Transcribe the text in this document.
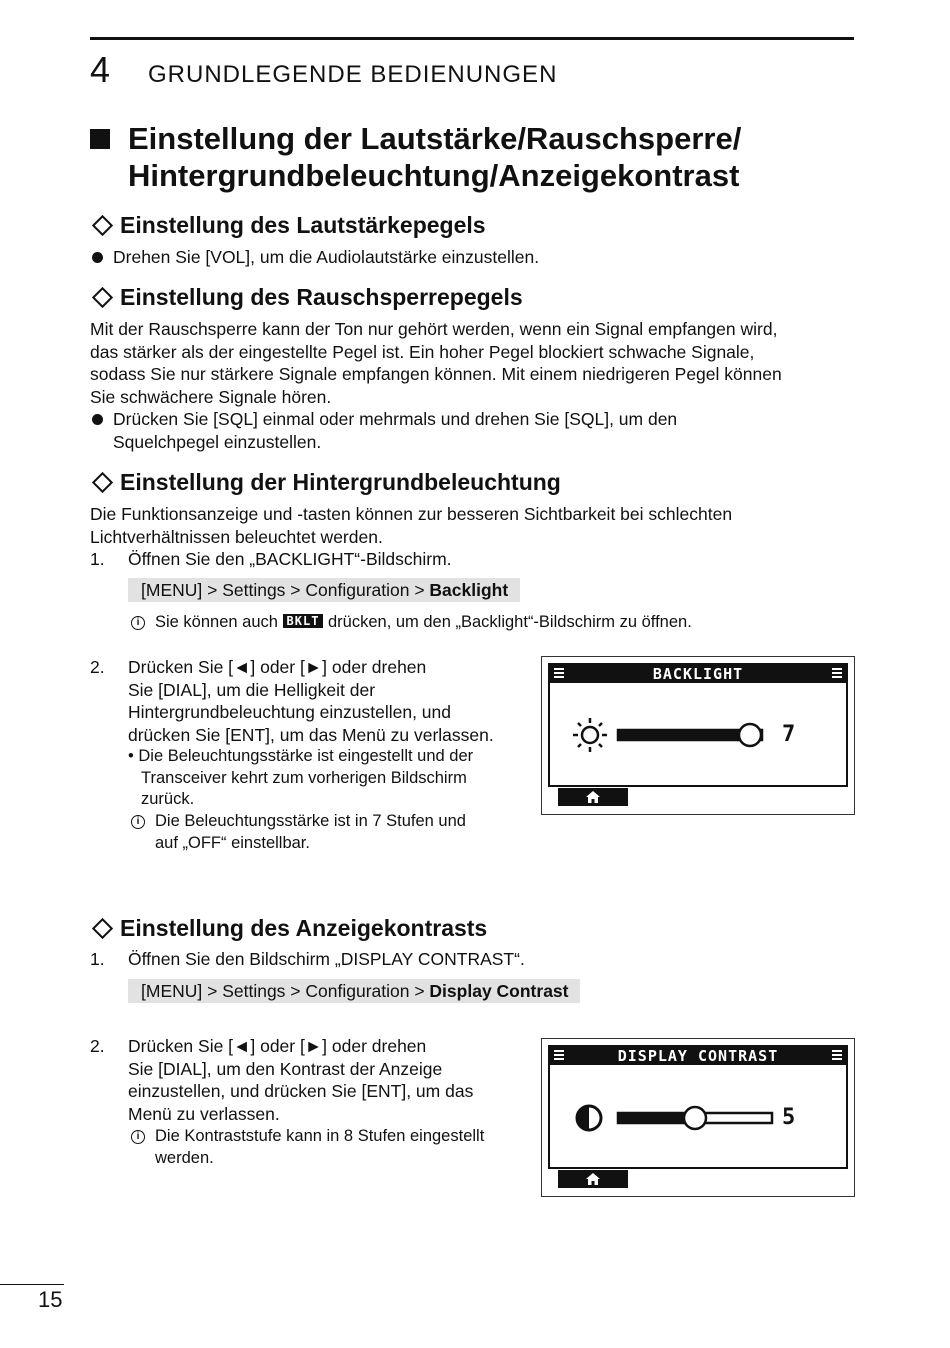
4 GRUNDLEGENDE BEDIENUNGEN
Einstellung der Lautstärke/Rauschsperre/
Hintergrundbeleuchtung/Anzeigekontrast
Einstellung des Lautstärkepegels
Drehen Sie [VOL], um die Audiolautstärke einzustellen.
Einstellung des Rauschsperrepegels
Mit der Rauschsperre kann der Ton nur gehört werden, wenn ein Signal empfangen wird,
das stärker als der eingestellte Pegel ist. Ein hoher Pegel blockiert schwache Signale,
sodass Sie nur stärkere Signale empfangen können. Mit einem niedrigeren Pegel können
Sie schwächere Signale hören.
Drücken Sie [SQL] einmal oder mehrmals und drehen Sie [SQL], um den
Squelchpegel einzustellen.
Einstellung der Hintergrundbeleuchtung
Die Funktionsanzeige und -tasten können zur besseren Sichtbarkeit bei schlechten
Lichtverhältnissen beleuchtet werden.
1. Öffnen Sie den „BACKLIGHT“-Bildschirm.
[MENU] > Settings > Configuration > Backlight
i Sie können auch BKLT drücken, um den „Backlight“-Bildschirm zu öffnen.
2. Drücken Sie [◄] oder [►] oder drehen
Sie [DIAL], um die Helligkeit der
Hintergrundbeleuchtung einzustellen, und
drücken Sie [ENT], um das Menü zu verlassen.
• Die Beleuchtungsstärke ist eingestellt und der
Transceiver kehrt zum vorherigen Bildschirm
zurück.
i Die Beleuchtungsstärke ist in 7 Stufen und
auf „OFF“ einstellbar.
BACKLIGHT
7
Einstellung des Anzeigekontrasts
1. Öffnen Sie den Bildschirm „DISPLAY CONTRAST“.
[MENU] > Settings > Configuration > Display Contrast
2. Drücken Sie [◄] oder [►] oder drehen
Sie [DIAL], um den Kontrast der Anzeige
einzustellen, und drücken Sie [ENT], um das
Menü zu verlassen.
i Die Kontraststufe kann in 8 Stufen eingestellt
werden.
DISPLAY CONTRAST
5
15
